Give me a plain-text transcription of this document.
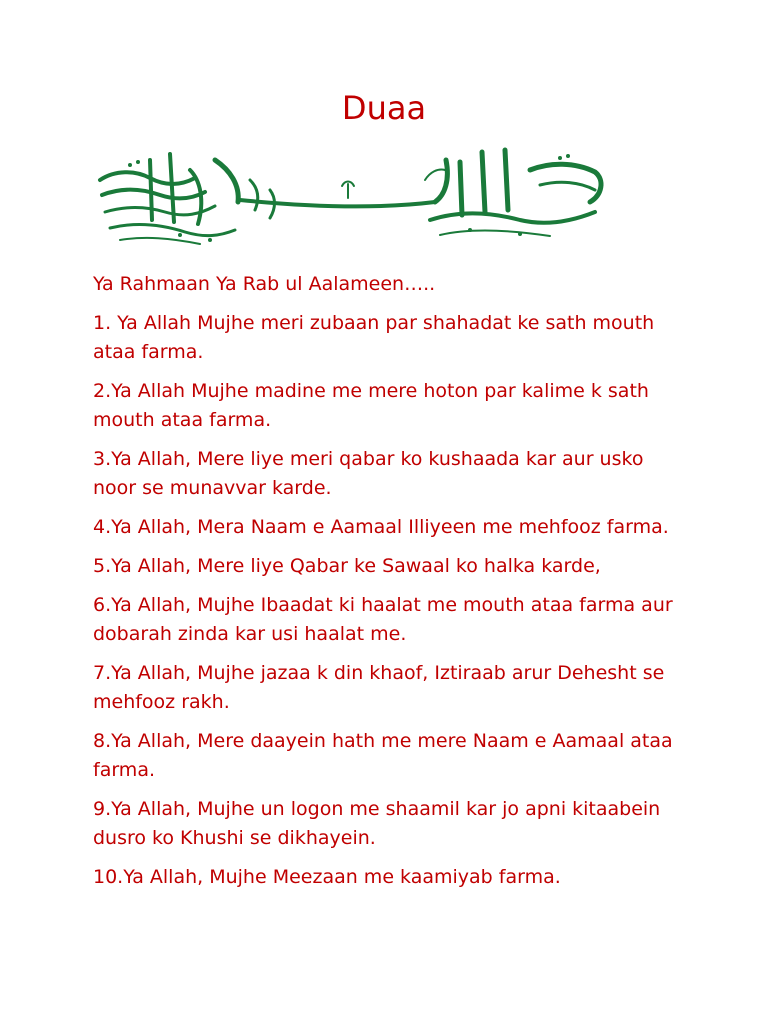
Duaa

Ya Rahmaan Ya Rab ul Aalameen…..

1. Ya Allah Mujhe meri zubaan par shahadat ke sath mouth ataa farma.

2.Ya Allah Mujhe madine me mere hoton par kalime k sath mouth ataa farma.

3.Ya Allah, Mere liye meri qabar ko kushaada kar aur usko noor se munavvar karde.

4.Ya Allah, Mera Naam e Aamaal Illiyeen me mehfooz farma.

5.Ya Allah, Mere liye Qabar ke Sawaal ko halka karde,

6.Ya Allah, Mujhe Ibaadat ki haalat me mouth ataa farma aur dobarah zinda kar usi haalat me.

7.Ya Allah, Mujhe jazaa k din khaof, Iztiraab arur Dehesht se mehfooz rakh.

8.Ya Allah, Mere daayein hath me mere Naam e Aamaal ataa farma.

9.Ya Allah, Mujhe un logon me shaamil kar jo apni kitaabein dusro ko Khushi se dikhayein.

10.Ya Allah, Mujhe Meezaan me kaamiyab farma.
